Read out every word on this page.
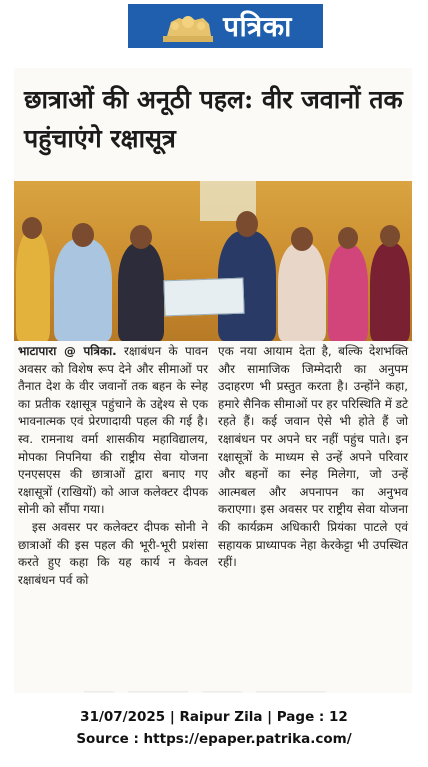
पत्रिका
छात्राओं की अनूठी पहल: वीर जवानों तक पहुंचाएंगे रक्षासूत्र

भाटापारा @ पत्रिका. रक्षाबंधन के पावन अवसर को विशेष रूप देने और सीमाओं पर तैनात देश के वीर जवानों तक बहन के स्नेह का प्रतीक रक्षासूत्र पहुंचाने के उद्देश्य से एक भावनात्मक एवं प्रेरणादायी पहल की गई है। स्व. रामनाथ वर्मा शासकीय महाविद्यालय, मोपका निपनिया की राष्ट्रीय सेवा योजना एनएसएस की छात्राओं द्वारा बनाए गए रक्षासूत्रों (राखियों) को आज कलेक्टर दीपक सोनी को सौंपा गया।

इस अवसर पर कलेक्टर दीपक सोनी ने छात्राओं की इस पहल की भूरी-भूरी प्रशंसा करते हुए कहा कि यह कार्य न केवल रक्षाबंधन पर्व को

एक नया आयाम देता है, बल्कि देशभक्ति और सामाजिक जिम्मेदारी का अनुपम उदाहरण भी प्रस्तुत करता है। उन्होंने कहा, हमारे सैनिक सीमाओं पर हर परिस्थिति में डटे रहते हैं। कई जवान ऐसे भी होते हैं जो रक्षाबंधन पर अपने घर नहीं पहुंच पाते। इन रक्षासूत्रों के माध्यम से उन्हें अपने परिवार और बहनों का स्नेह मिलेगा, जो उन्हें आत्मबल और अपनापन का अनुभव कराएगा। इस अवसर पर राष्ट्रीय सेवा योजना की कार्यक्रम अधिकारी प्रियंका पाटले एवं सहायक प्राध्यापक नेहा केरकेट्टा भी उपस्थित रहीं।

31/07/2025 | Raipur Zila | Page : 12
Source : https://epaper.patrika.com/
